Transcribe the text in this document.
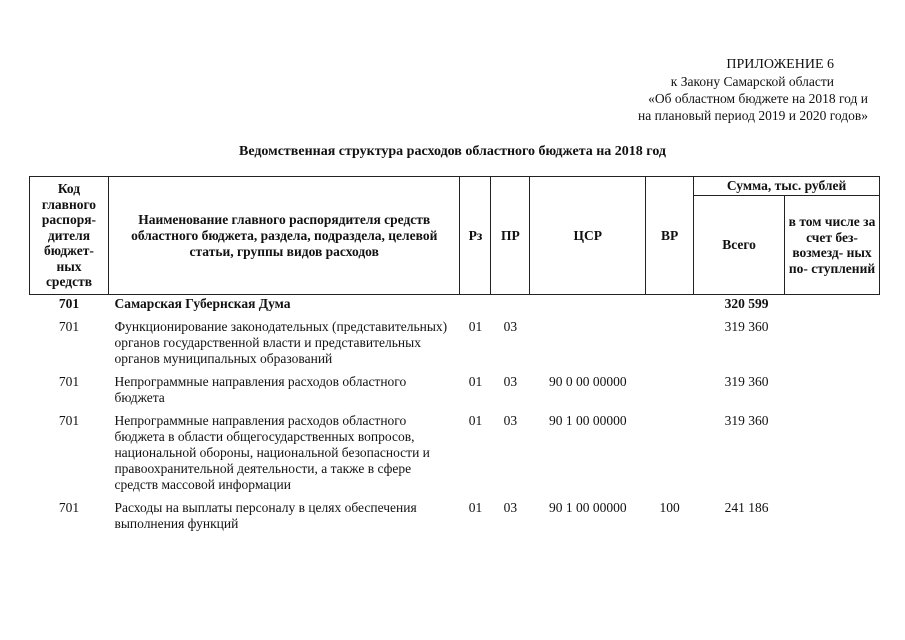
ПРИЛОЖЕНИЕ 6
к Закону Самарской области
«Об областном бюджете на 2018 год и
на плановый период 2019 и 2020 годов»
Ведомственная структура расходов областного бюджета на 2018 год
Код главного распоря- дителя бюджет- ных средств	Наименование главного распорядителя средств областного бюджета, раздела, подраздела, целевой статьи, группы видов расходов	Рз	ПР	ЦСР	ВР	Сумма, тыс. рублей	
						Всего	в том числе за счет без- возмезд- ных по- ступлений
701	Самарская Губернская Дума					320 599	
701	Функционирование законодательных (представительных) органов государственной власти и представительных органов муниципальных образований	01	03			319 360	
701	Непрограммные направления расходов областного бюджета	01	03	90 0 00 00000		319 360	
701	Непрограммные направления расходов областного бюджета в области общегосударственных вопросов, национальной обороны, национальной безопасности и правоохранительной деятельности, а также в сфере средств массовой информации	01	03	90 1 00 00000		319 360	
701	Расходы на выплаты персоналу в целях обеспечения выполнения функций	01	03	90 1 00 00000	100	241 186	
